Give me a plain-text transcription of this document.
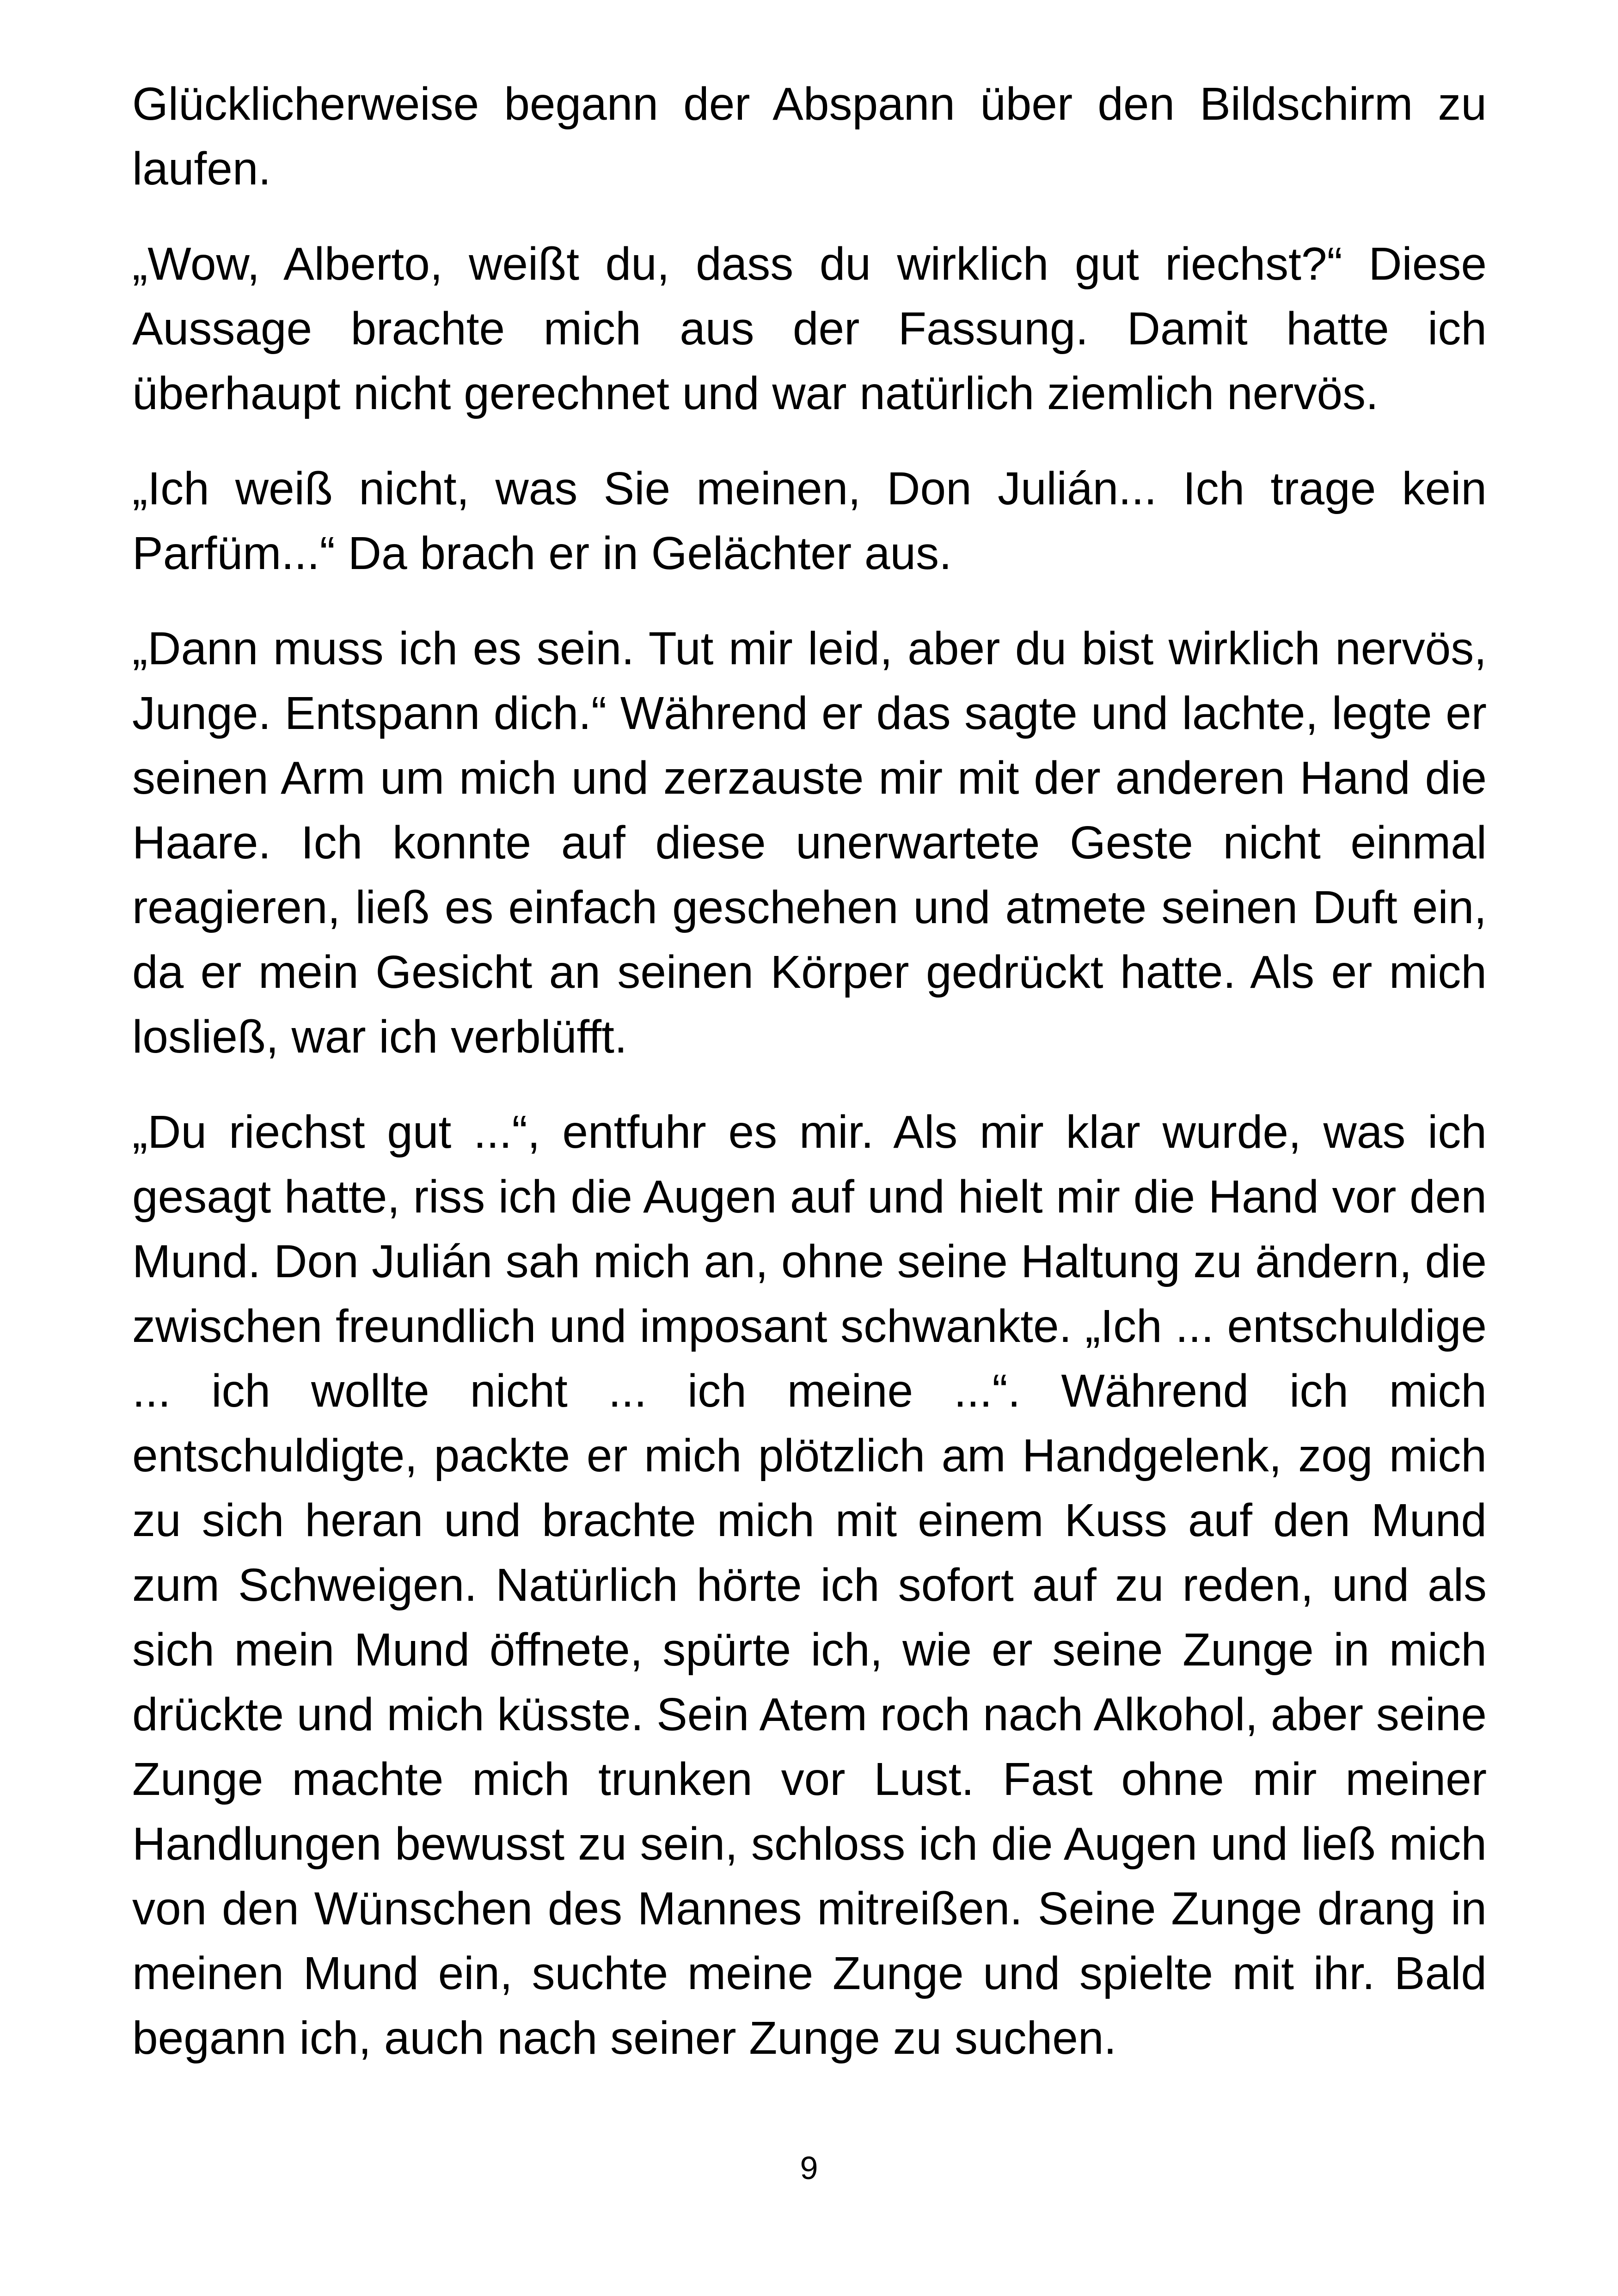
Glücklicherweise begann der Abspann über den Bildschirm zu laufen.

„Wow, Alberto, weißt du, dass du wirklich gut riechst?“ Diese Aussage brachte mich aus der Fassung. Damit hatte ich überhaupt nicht gerechnet und war natürlich ziemlich nervös.

„Ich weiß nicht, was Sie meinen, Don Julián... Ich trage kein Parfüm...“ Da brach er in Gelächter aus.

„Dann muss ich es sein. Tut mir leid, aber du bist wirklich nervös, Junge. Entspann dich.“ Während er das sagte und lachte, legte er seinen Arm um mich und zerzauste mir mit der anderen Hand die Haare. Ich konnte auf diese unerwartete Geste nicht einmal reagieren, ließ es einfach geschehen und atmete seinen Duft ein, da er mein Gesicht an seinen Körper gedrückt hatte. Als er mich losließ, war ich verblüfft.

„Du riechst gut ...“, entfuhr es mir. Als mir klar wurde, was ich gesagt hatte, riss ich die Augen auf und hielt mir die Hand vor den Mund. Don Julián sah mich an, ohne seine Haltung zu ändern, die zwischen freundlich und imposant schwankte. „Ich ... entschuldige ... ich wollte nicht ... ich meine ...“. Während ich mich entschuldigte, packte er mich plötzlich am Handgelenk, zog mich zu sich heran und brachte mich mit einem Kuss auf den Mund zum Schweigen. Natürlich hörte ich sofort auf zu reden, und als sich mein Mund öffnete, spürte ich, wie er seine Zunge in mich drückte und mich küsste. Sein Atem roch nach Alkohol, aber seine Zunge machte mich trunken vor Lust. Fast ohne mir meiner Handlungen bewusst zu sein, schloss ich die Augen und ließ mich von den Wünschen des Mannes mitreißen. Seine Zunge drang in meinen Mund ein, suchte meine Zunge und spielte mit ihr. Bald begann ich, auch nach seiner Zunge zu suchen.

9
